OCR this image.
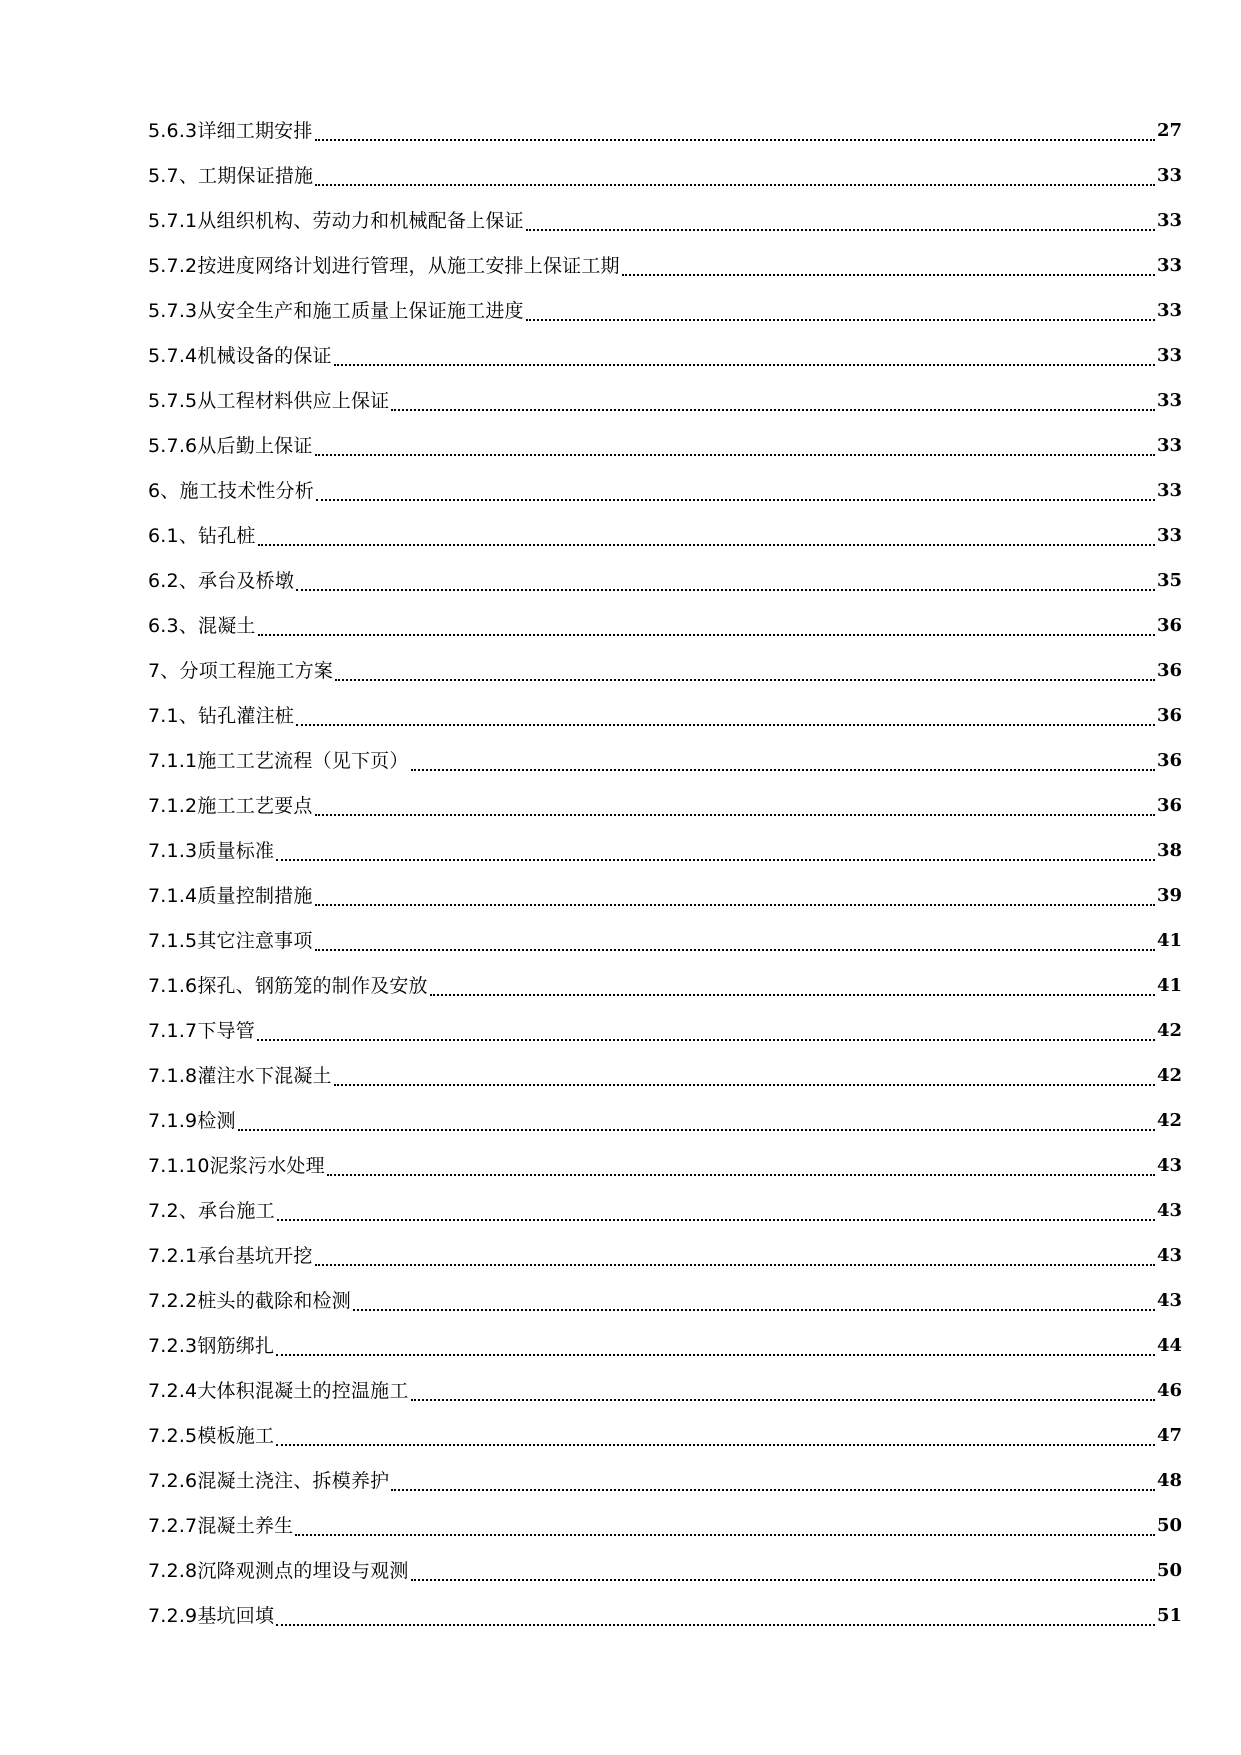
5.6.3详细工期安排	27
5.7、工期保证措施	33
5.7.1从组织机构、劳动力和机械配备上保证	33
5.7.2按进度网络计划进行管理，从施工安排上保证工期	33
5.7.3从安全生产和施工质量上保证施工进度	33
5.7.4机械设备的保证	33
5.7.5从工程材料供应上保证	33
5.7.6从后勤上保证	33
6、施工技术性分析	33
6.1、钻孔桩	33
6.2、承台及桥墩	35
6.3、混凝土	36
7、分项工程施工方案	36
7.1、钻孔灌注桩	36
7.1.1施工工艺流程（见下页）	36
7.1.2施工工艺要点	36
7.1.3质量标准	38
7.1.4质量控制措施	39
7.1.5其它注意事项	41
7.1.6探孔、钢筋笼的制作及安放	41
7.1.7下导管	42
7.1.8灌注水下混凝土	42
7.1.9检测	42
7.1.10泥浆污水处理	43
7.2、承台施工	43
7.2.1承台基坑开挖	43
7.2.2桩头的截除和检测	43
7.2.3钢筋绑扎	44
7.2.4大体积混凝土的控温施工	46
7.2.5模板施工	47
7.2.6混凝土浇注、拆模养护	48
7.2.7混凝土养生	50
7.2.8沉降观测点的埋设与观测	50
7.2.9基坑回填	51
